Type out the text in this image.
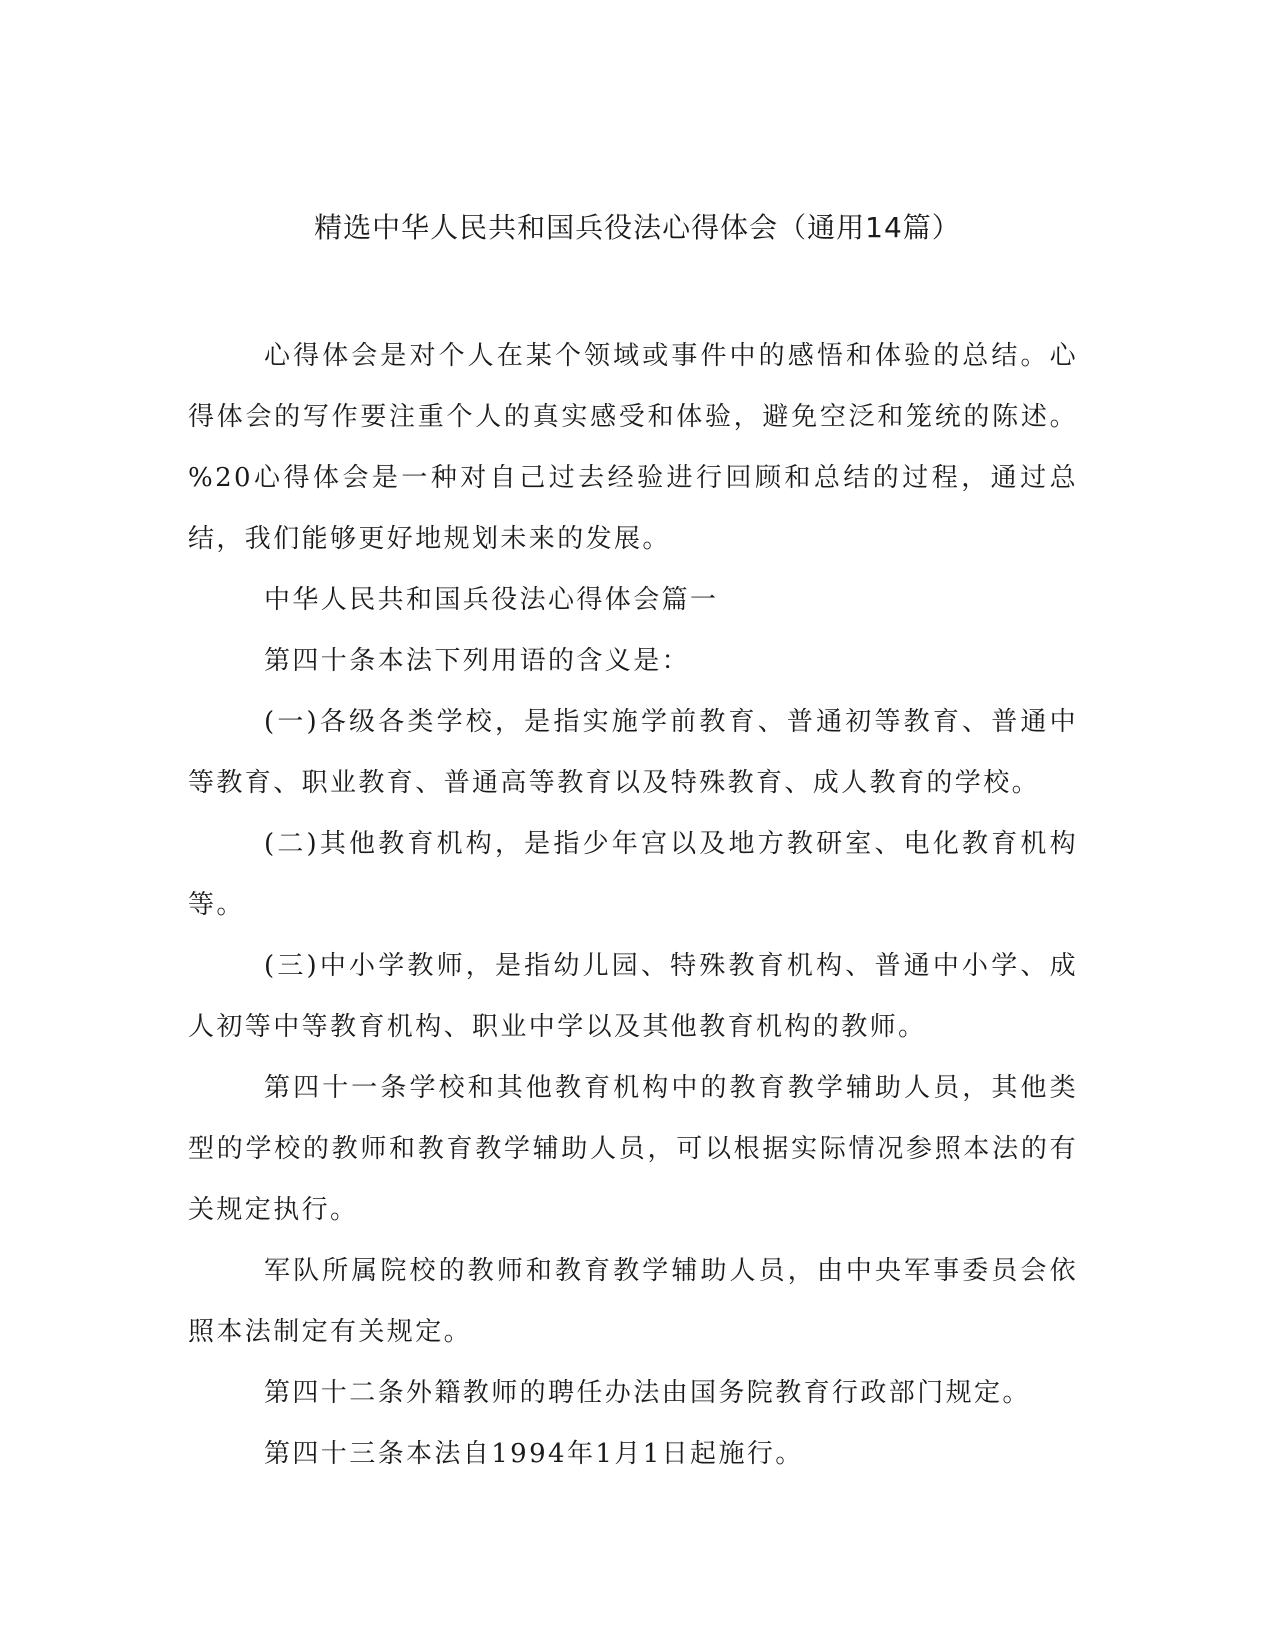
精选中华人民共和国兵役法心得体会（通用14篇）

心得体会是对个人在某个领域或事件中的感悟和体验的总结。心得体会的写作要注重个人的真实感受和体验，避免空泛和笼统的陈述。%20心得体会是一种对自己过去经验进行回顾和总结的过程，通过总结，我们能够更好地规划未来的发展。

中华人民共和国兵役法心得体会篇一

第四十条本法下列用语的含义是：

(一)各级各类学校，是指实施学前教育、普通初等教育、普通中等教育、职业教育、普通高等教育以及特殊教育、成人教育的学校。

(二)其他教育机构，是指少年宫以及地方教研室、电化教育机构等。

(三)中小学教师，是指幼儿园、特殊教育机构、普通中小学、成人初等中等教育机构、职业中学以及其他教育机构的教师。

第四十一条学校和其他教育机构中的教育教学辅助人员，其他类型的学校的教师和教育教学辅助人员，可以根据实际情况参照本法的有关规定执行。

军队所属院校的教师和教育教学辅助人员，由中央军事委员会依照本法制定有关规定。

第四十二条外籍教师的聘任办法由国务院教育行政部门规定。

第四十三条本法自1994年1月1日起施行。
